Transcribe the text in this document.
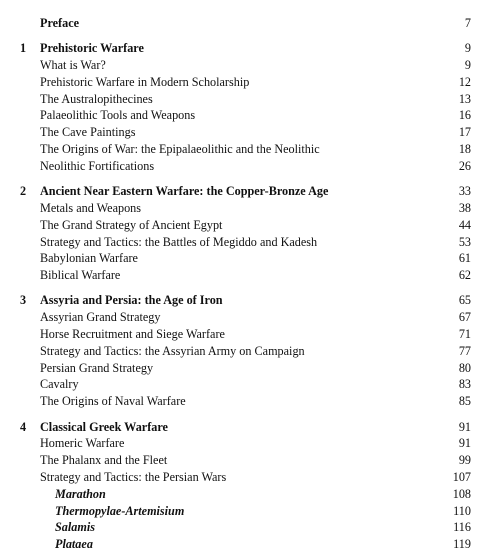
Preface	7
1 Prehistoric Warfare	9
What is War?	9
Prehistoric Warfare in Modern Scholarship	12
The Australopithecines	13
Palaeolithic Tools and Weapons	16
The Cave Paintings	17
The Origins of War: the Epipalaeolithic and the Neolithic	18
Neolithic Fortifications	26
2 Ancient Near Eastern Warfare: the Copper-Bronze Age	33
Metals and Weapons	38
The Grand Strategy of Ancient Egypt	44
Strategy and Tactics: the Battles of Megiddo and Kadesh	53
Babylonian Warfare	61
Biblical Warfare	62
3 Assyria and Persia: the Age of Iron	65
Assyrian Grand Strategy	67
Horse Recruitment and Siege Warfare	71
Strategy and Tactics: the Assyrian Army on Campaign	77
Persian Grand Strategy	80
Cavalry	83
The Origins of Naval Warfare	85
4 Classical Greek Warfare	91
Homeric Warfare	91
The Phalanx and the Fleet	99
Strategy and Tactics: the Persian Wars	107
Marathon	108
Thermopylae-Artemisium	110
Salamis	116
Plataea	119
